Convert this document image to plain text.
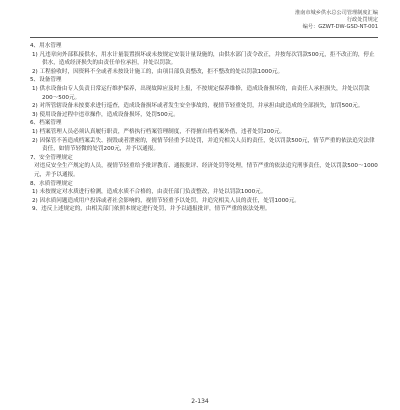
淮南市城乡供水总公司管理制度汇编
行政处罚规定
编号：GZWT-DW-GSD-NT-001
4、用水管理
1) 凡违章向外部私接供水，用水计量装置损坏或未按规定安装计量设施的，由供水部门责令改正，并按每次罚款500元，拒不改正的，停止供水，造成经济损失的由责任单位承担，并处以罚款。
2) 工程验收时，因资料不全或者未按设计施工的，由项目部负责整改，拒不整改的处以罚款1000元。
5、设备管理
1) 供水设备由专人负责日常运行维护保养，出现故障应及时上报，不按规定保养维修，造成设备损坏的，由责任人承担损失，并处以罚款200～500元。
2) 对所管辖设备未按要求进行巡查，造成设备损坏或者发生安全事故的，视情节轻重处罚，并承担由此造成的全部损失，加罚500元。
3) 使用设备过程中违章操作，造成设备损坏，处罚500元。
6、档案管理
1) 档案管理人员必须认真履行职责，严格执行档案管理制度，不得擅自将档案外借，违者处罚200元。
2) 因保管不善造成档案丢失、损毁或者泄密的，视情节轻重予以处罚，并追究相关人员的责任，处以罚款500元，情节严重的依法追究法律责任，如情节轻微的处罚200元，并予以通报。
7、安全管理规定
对违反安全生产规定的人员，视情节轻重给予批评教育、通报批评、经济处罚等处理，情节严重的依法追究刑事责任，处以罚款500～1000元，并予以通报。
8、水质管理规定
1) 未按规定对水质进行检测，造成水质不合格的，由责任部门负责整改，并处以罚款1000元。
2) 因水质问题造成用户投诉或者社会影响的，视情节轻重予以处罚，并追究相关人员的责任，处罚1000元。
9、违反上述规定的，由相关部门依照本规定进行处罚，并予以通报批评，情节严重的依法处理。
2-134
